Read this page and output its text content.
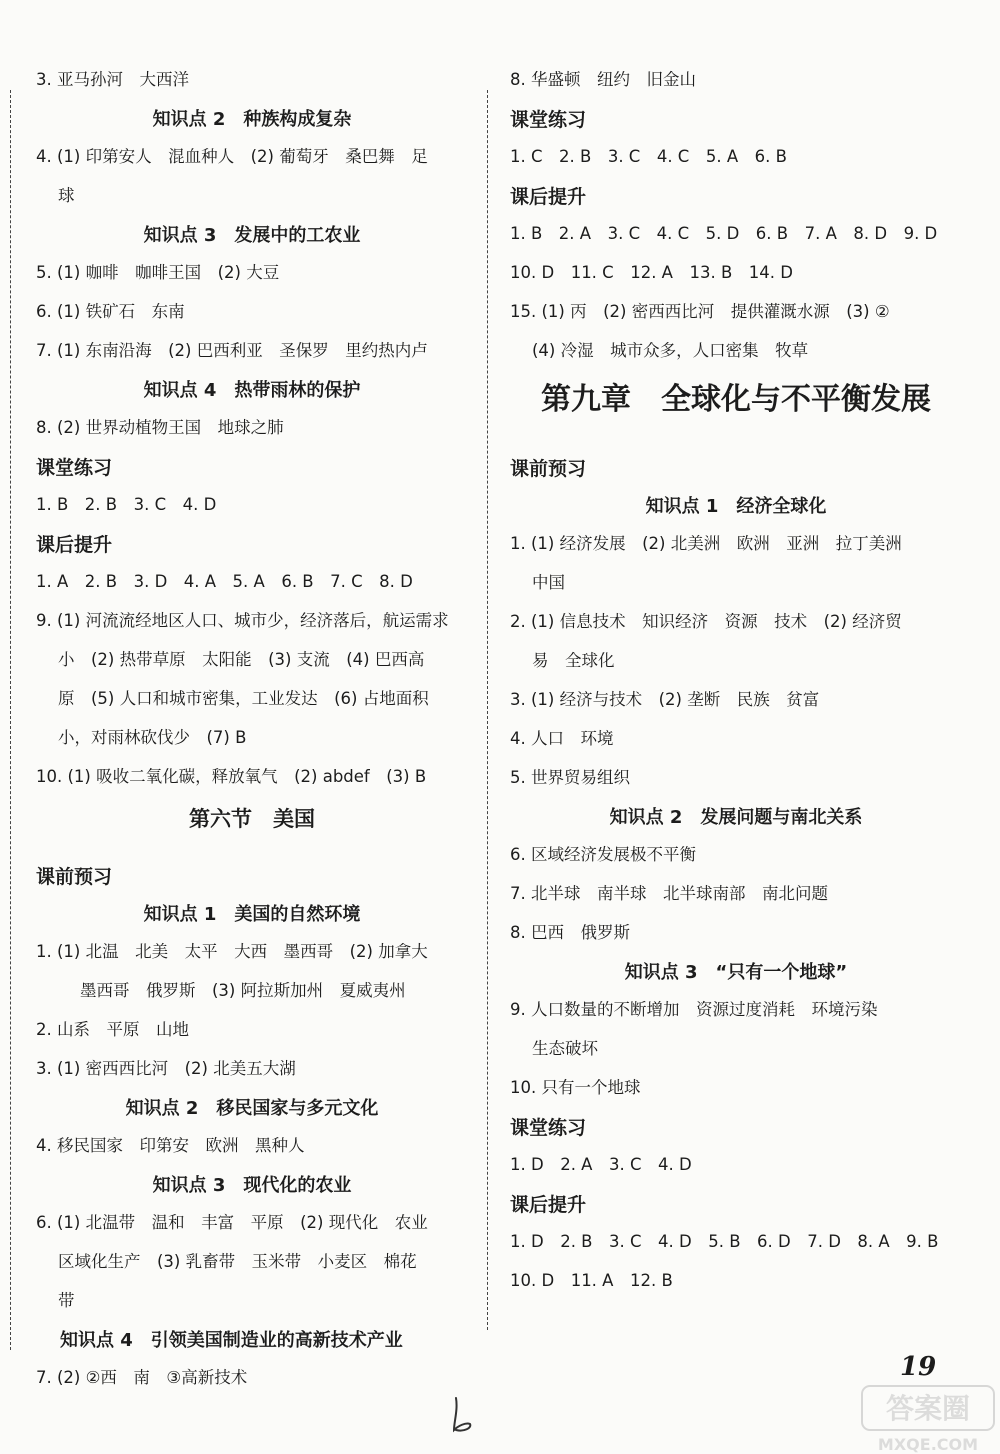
3. 亚马孙河　大西洋
知识点 2　种族构成复杂
4. (1) 印第安人　混血种人　(2) 葡萄牙　桑巴舞　足
球
知识点 3　发展中的工农业
5. (1) 咖啡　咖啡王国　(2) 大豆
6. (1) 铁矿石　东南
7. (1) 东南沿海　(2) 巴西利亚　圣保罗　里约热内卢
知识点 4　热带雨林的保护
8. (2) 世界动植物王国　地球之肺
课堂练习
1. B　2. B　3. C　4. D
课后提升
1. A　2. B　3. D　4. A　5. A　6. B　7. C　8. D
9. (1) 河流流经地区人口、城市少，经济落后，航运需求
小　(2) 热带草原　太阳能　(3) 支流　(4) 巴西高
原　(5) 人口和城市密集，工业发达　(6) 占地面积
小，对雨林砍伐少　(7) B
10. (1) 吸收二氧化碳，释放氧气　(2) abdef　(3) B
第六节　美国
课前预习
知识点 1　美国的自然环境
1. (1) 北温　北美　太平　大西　墨西哥　(2) 加拿大
墨西哥　俄罗斯　(3) 阿拉斯加州　夏威夷州
2. 山系　平原　山地
3. (1) 密西西比河　(2) 北美五大湖
知识点 2　移民国家与多元文化
4. 移民国家　印第安　欧洲　黑种人
知识点 3　现代化的农业
6. (1) 北温带　温和　丰富　平原　(2) 现代化　农业
区域化生产　(3) 乳畜带　玉米带　小麦区　棉花
带
知识点 4　引领美国制造业的高新技术产业
7. (2) ②西　南　③高新技术
8. 华盛顿　纽约　旧金山
课堂练习
1. C　2. B　3. C　4. C　5. A　6. B
课后提升
1. B　2. A　3. C　4. C　5. D　6. B　7. A　8. D　9. D
10. D　11. C　12. A　13. B　14. D
15. (1) 丙　(2) 密西西比河　提供灌溉水源　(3) ②
(4) 冷湿　城市众多，人口密集　牧草
第九章　全球化与不平衡发展
课前预习
知识点 1　经济全球化
1. (1) 经济发展　(2) 北美洲　欧洲　亚洲　拉丁美洲
中国
2. (1) 信息技术　知识经济　资源　技术　(2) 经济贸
易　全球化
3. (1) 经济与技术　(2) 垄断　民族　贫富
4. 人口　环境
5. 世界贸易组织
知识点 2　发展问题与南北关系
6. 区域经济发展极不平衡
7. 北半球　南半球　北半球南部　南北问题
8. 巴西　俄罗斯
知识点 3　“只有一个地球”
9. 人口数量的不断增加　资源过度消耗　环境污染
生态破坏
10. 只有一个地球
课堂练习
1. D　2. A　3. C　4. D
课后提升
1. D　2. B　3. C　4. D　5. B　6. D　7. D　8. A　9. B
10. D　11. A　12. B
19
答案圈
MXQE.COM
